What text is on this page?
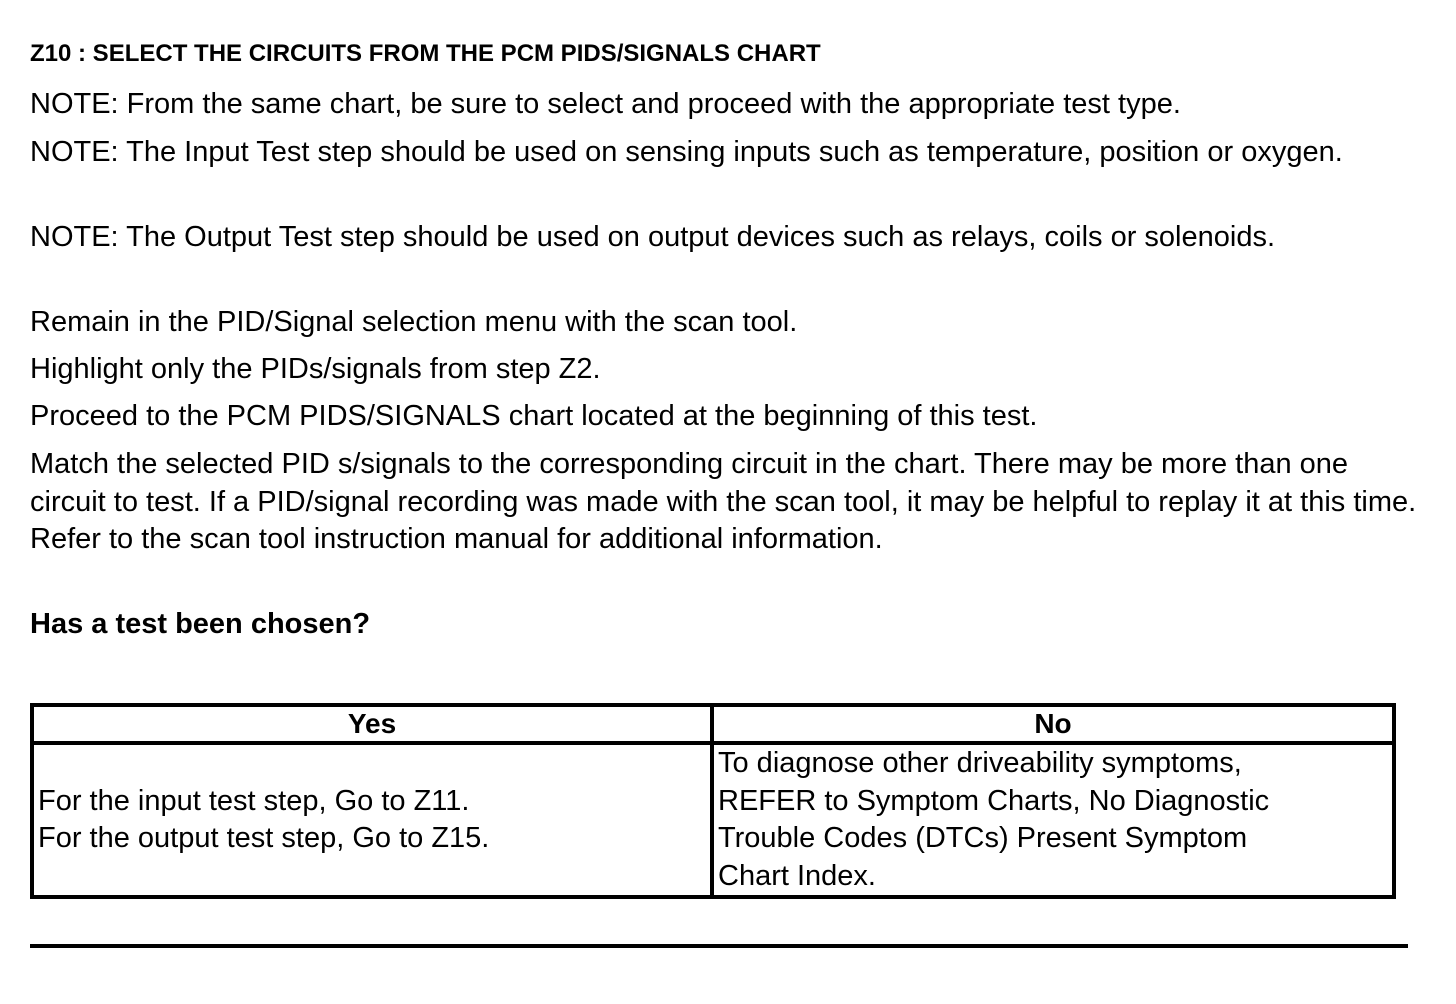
Z10 : SELECT THE CIRCUITS FROM THE PCM PIDS/SIGNALS CHART

NOTE: From the same chart, be sure to select and proceed with the appropriate test type.

NOTE: The Input Test step should be used on sensing inputs such as temperature, position or oxygen.

NOTE: The Output Test step should be used on output devices such as relays, coils or solenoids.

Remain in the PID/Signal selection menu with the scan tool.

Highlight only the PIDs/signals from step Z2.

Proceed to the PCM PIDS/SIGNALS chart located at the beginning of this test.

Match the selected PID s/signals to the corresponding circuit in the chart. There may be more than one circuit to test. If a PID/signal recording was made with the scan tool, it may be helpful to replay it at this time. Refer to the scan tool instruction manual for additional information.

Has a test been chosen?
Yes	No

For the input test step, Go to Z11.
For the output test step, Go to Z15.	To diagnose other driveability symptoms,
REFER to Symptom Charts, No Diagnostic
Trouble Codes (DTCs) Present Symptom
Chart Index.
